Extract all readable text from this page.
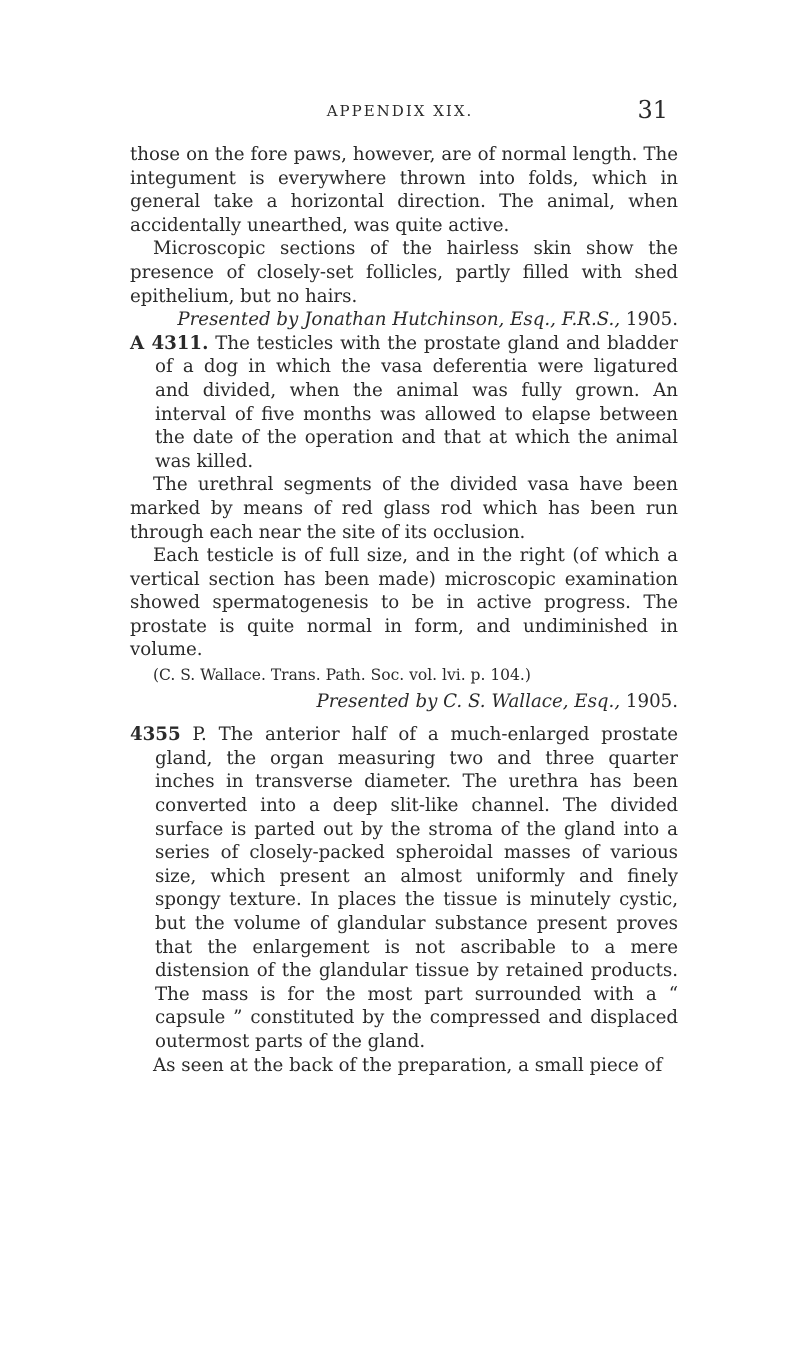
APPENDIX XIX.	31

those on the fore paws, however, are of normal length. The integument is everywhere thrown into folds, which in general take a horizontal direction. The animal, when accidentally unearthed, was quite active.

Microscopic sections of the hairless skin show the presence of closely-set follicles, partly filled with shed epithelium, but no hairs.

Presented by Jonathan Hutchinson, Esq., F.R.S., 1905.

A 4311. The testicles with the prostate gland and bladder of a dog in which the vasa deferentia were ligatured and divided, when the animal was fully grown. An interval of five months was allowed to elapse between the date of the operation and that at which the animal was killed.

The urethral segments of the divided vasa have been marked by means of red glass rod which has been run through each near the site of its occlusion.

Each testicle is of full size, and in the right (of which a vertical section has been made) microscopic examination showed spermatogenesis to be in active progress. The prostate is quite normal in form, and undiminished in volume.

(C. S. Wallace. Trans. Path. Soc. vol. lvi. p. 104.)

Presented by C. S. Wallace, Esq., 1905.

4355 P. The anterior half of a much-enlarged prostate gland, the organ measuring two and three quarter inches in transverse diameter. The urethra has been converted into a deep slit-like channel. The divided surface is parted out by the stroma of the gland into a series of closely-packed spheroidal masses of various size, which present an almost uniformly and finely spongy texture. In places the tissue is minutely cystic, but the volume of glandular substance present proves that the enlargement is not ascribable to a mere distension of the glandular tissue by retained products. The mass is for the most part surrounded with a “ capsule ” constituted by the compressed and displaced outermost parts of the gland.

As seen at the back of the preparation, a small piece of
